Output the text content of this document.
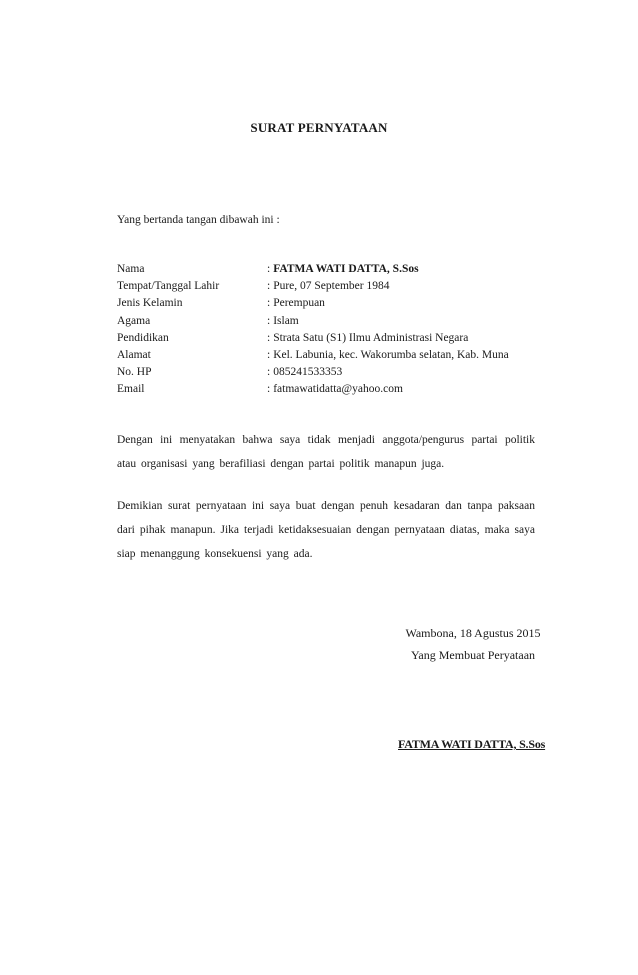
SURAT PERNYATAAN
Yang bertanda tangan dibawah ini :
Nama	: FATMA WATI DATTA, S.Sos
Tempat/Tanggal Lahir	: Pure, 07 September 1984
Jenis Kelamin	: Perempuan
Agama	: Islam
Pendidikan	: Strata Satu (S1) Ilmu Administrasi Negara
Alamat	: Kel. Labunia, kec. Wakorumba selatan, Kab. Muna
No. HP	: 085241533353
Email	: fatmawatidatta@yahoo.com
Dengan ini menyatakan bahwa saya tidak menjadi anggota/pengurus partai politik atau organisasi yang berafiliasi dengan partai politik manapun juga.
Demikian surat pernyataan ini saya buat dengan penuh kesadaran dan tanpa paksaan dari pihak manapun. Jika terjadi ketidaksesuaian dengan pernyataan diatas, maka saya siap menanggung konsekuensi yang ada.
Wambona, 18 Agustus 2015
Yang Membuat Peryataan
FATMA WATI DATTA, S.Sos
